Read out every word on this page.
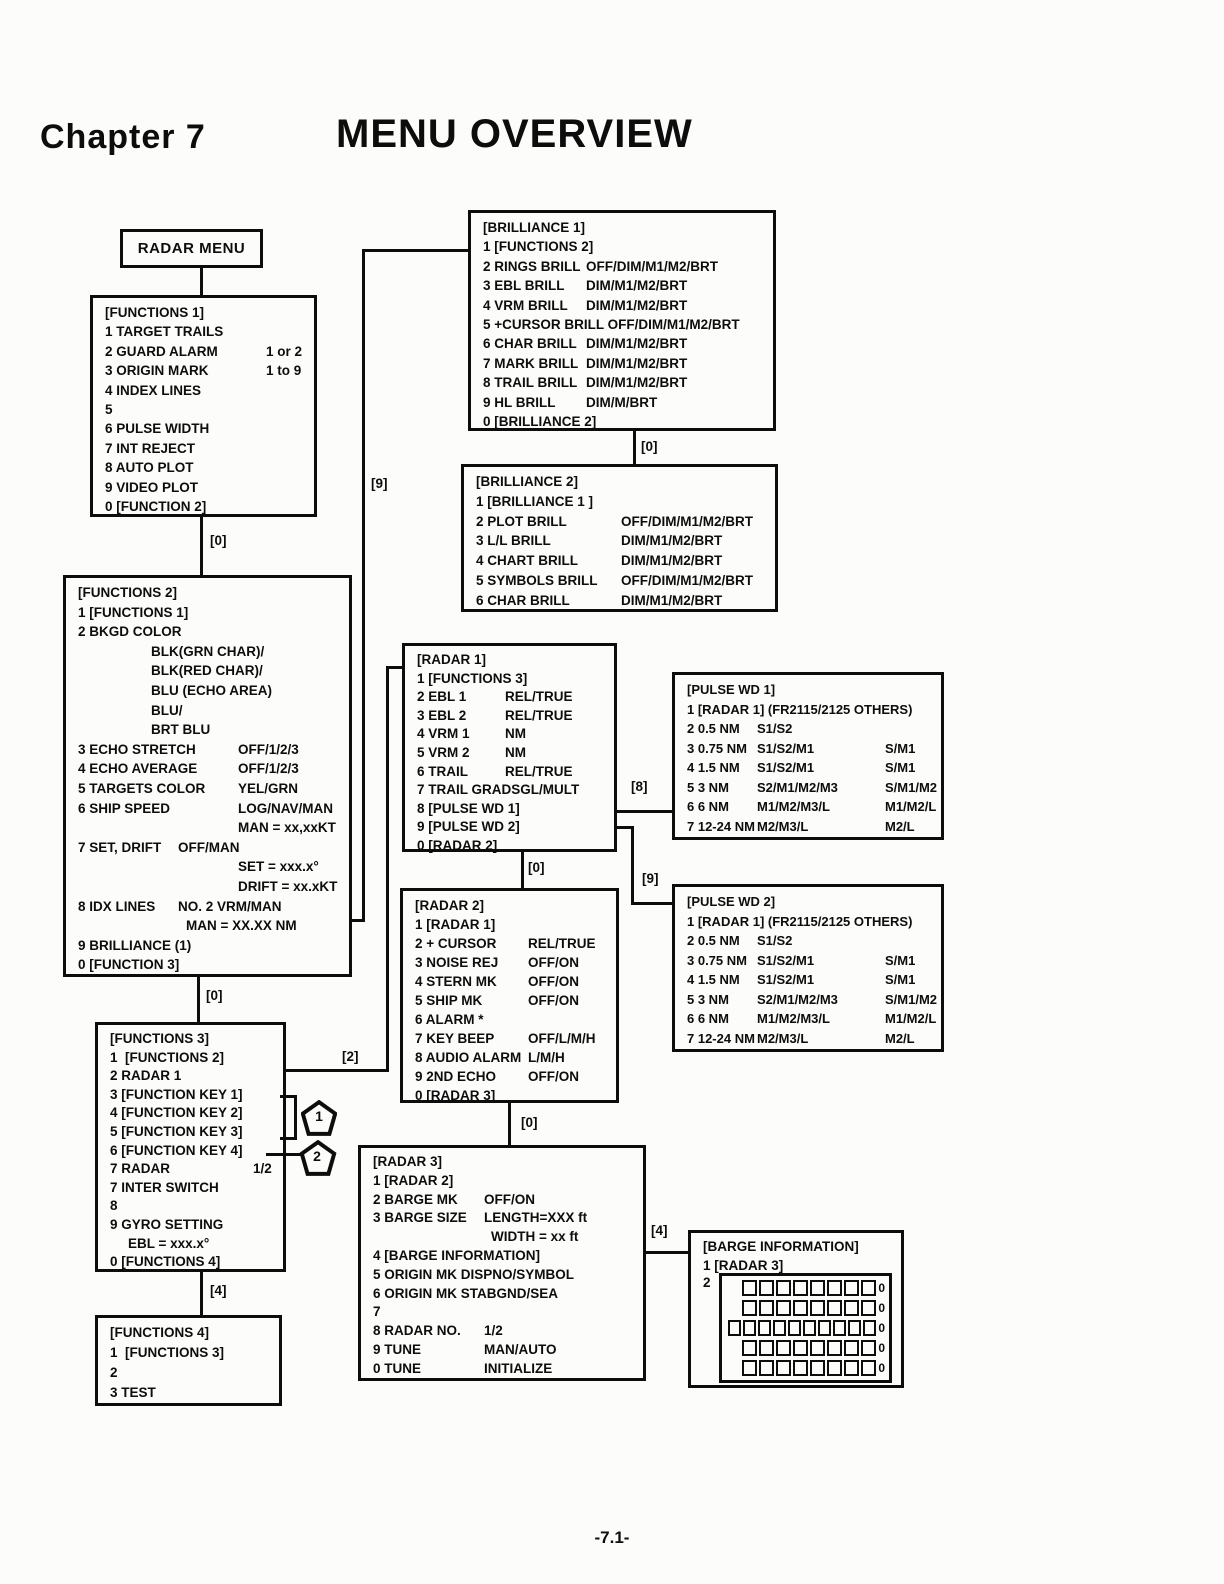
Chapter 7	MENU OVERVIEW
RADAR MENU
[FUNCTIONS 1]
1 TARGET TRAILS
2 GUARD ALARM	1 or 2
3 ORIGIN MARK	1 to 9
4 INDEX LINES
5
6 PULSE WIDTH
7 INT REJECT
8 AUTO PLOT
9 VIDEO PLOT
0 [FUNCTION 2]
[BRILLIANCE 1]
1 [FUNCTIONS 2]
2 RINGS BRILL OFF/DIM/M1/M2/BRT
3 EBL BRILL DIM/M1/M2/BRT
4 VRM BRILL DIM/M1/M2/BRT
5 +CURSOR BRILL OFF/DIM/M1/M2/BRT
6 CHAR BRILL DIM/M1/M2/BRT
7 MARK BRILL DIM/M1/M2/BRT
8 TRAIL BRILL DIM/M1/M2/BRT
9 HL BRILL DIM/M/BRT
0 [BRILLIANCE 2]
[BRILLIANCE 2]
1 [BRILLIANCE 1 ]
2 PLOT BRILL	OFF/DIM/M1/M2/BRT
3 L/L BRILL	DIM/M1/M2/BRT
4 CHART BRILL	DIM/M1/M2/BRT
5 SYMBOLS BRILL OFF/DIM/M1/M2/BRT
6 CHAR BRILL	DIM/M1/M2/BRT
[FUNCTIONS 2]
1 [FUNCTIONS 1]
2 BKGD COLOR
BLK(GRN CHAR)/
BLK(RED CHAR)/
BLU (ECHO AREA)
BLU/
BRT BLU
3 ECHO STRETCH	OFF/1/2/3
4 ECHO AVERAGE	OFF/1/2/3
5 TARGETS COLOR YEL/GRN
6 SHIP SPEED	LOG/NAV/MAN
MAN = xx,xxKT
7 SET, DRIFT OFF/MAN
SET = xxx.x°
DRIFT = xx.xKT
8 IDX LINES NO. 2 VRM/MAN
MAN = XX.XX NM
9 BRILLIANCE (1)
0 [FUNCTION 3]
[RADAR 1]
1 [FUNCTIONS 3]
2 EBL 1	REL/TRUE
3 EBL 2	REL/TRUE
4 VRM 1	NM
5 VRM 2	NM
6 TRAIL	REL/TRUE
7 TRAIL GRADSGL/MULT
8 [PULSE WD 1]
9 [PULSE WD 2]
0 [RADAR 2]
[PULSE WD 1]
1 [RADAR 1] (FR2115/2125 OTHERS)
2 0.5 NM S1/S2
3 0.75 NM S1/S2/M1	S/M1
4 1.5 NM S1/S2/M1	S/M1
5 3 NM S2/M1/M2/M3	S/M1/M2
6 6 NM M1/M2/M3/L	M1/M2/L
7 12-24 NM M2/M3/L	M2/L
[RADAR 2]
1 [RADAR 1]
2 + CURSOR REL/TRUE
3 NOISE REJ OFF/ON
4 STERN MK OFF/ON
5 SHIP MK	OFF/ON
6 ALARM *
7 KEY BEEP OFF/L/M/H
8 AUDIO ALARM L/M/H
9 2ND ECHO OFF/ON
0 [RADAR 3]
[PULSE WD 2]
1 [RADAR 1] (FR2115/2125 OTHERS)
2 0.5 NM S1/S2
3 0.75 NM S1/S2/M1	S/M1
4 1.5 NM S1/S2/M1	S/M1
5 3 NM S2/M1/M2/M3	S/M1/M2
6 6 NM M1/M2/M3/L	M1/M2/L
7 12-24 NM M2/M3/L	M2/L
[FUNCTIONS 3]
1  [FUNCTIONS 2]
2 RADAR 1
3 [FUNCTION KEY 1]
4 [FUNCTION KEY 2]
5 [FUNCTION KEY 3]
6 [FUNCTION KEY 4]
7 RADAR	1/2
7 INTER SWITCH
8
9 GYRO SETTING
EBL = xxx.x°
0 [FUNCTIONS 4]
[RADAR 3]
1 [RADAR 2]
2 BARGE MK OFF/ON
3 BARGE SIZE LENGTH=XXX ft
WIDTH = xx ft
4 [BARGE INFORMATION]
5 ORIGIN MK DISPNO/SYMBOL
6 ORIGIN MK STABGND/SEA
7
8 RADAR NO. 1/2
9 TUNE	MAN/AUTO
0 TUNE	INITIALIZE
[FUNCTIONS 4]
1  [FUNCTIONS 3]
2
3 TEST
[BARGE INFORMATION]
1 [RADAR 3]
2	0
0
0
0
0
[0]
[0]
[4]
[9]
[0]
[2]
[0]
[0]
[8]
[9]
[4]
1
2
-7.1-
